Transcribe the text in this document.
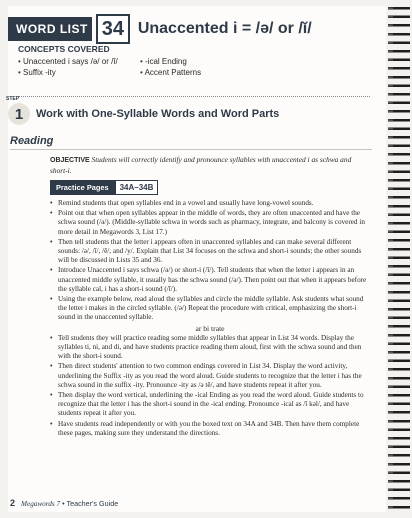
WORD LIST 34 Unaccented i = /ə/ or /ĭ/
CONCEPTS COVERED
• Unaccented i says /ə/ or /ĭ/	• -ical Ending
• Suffix -ity	• Accent Patterns
STEP
1 Work with One-Syllable Words and Word Parts
Reading
OBJECTIVE Students will correctly identify and pronounce syllables with unaccented i as schwa and short-i.
Practice Pages	34A–34B
• Remind students that open syllables end in a vowel and usually have long-vowel sounds.
• Point out that when open syllables appear in the middle of words, they are often unaccented and have the schwa sound (/ə/). (Middle-syllable schwa in words such as pharmacy, integrate, and balcony is covered in more detail in Megawords 3, List 17.)
• Then tell students that the letter i appears often in unaccented syllables and can make several different sounds: /ə/, /ĭ/, /ē/, and /y/. Explain that List 34 focuses on the schwa and short-i sounds; the other sounds will be discussed in Lists 35 and 36.
• Introduce Unaccented i says schwa (/ə/) or short-i (/ĭ/). Tell students that when the letter i appears in an unaccented middle syllable, it usually has the schwa sound (/ə/). Then point out that when it appears before the syllable cal, i has a short-i sound (/ĭ/).
• Using the example below, read aloud the syllables and circle the middle syllable. Ask students what sound the letter i makes in the circled syllable. (/ə/) Repeat the procedure with critical, emphasizing the short-i sound in the unaccented syllable.
ar bi trate
• Tell students they will practice reading some middle syllables that appear in List 34 words. Display the syllables ti, ni, and di, and have students practice reading them aloud, first with the schwa sound and then with the short-i sound.
• Then direct students' attention to two common endings covered in List 34. Display the word activity, underlining the Suffix -ity as you read the word aloud. Guide students to recognize that the letter i has the schwa sound in the suffix -ity. Pronounce -ity as /ə tē/, and have students repeat it after you.
• Then display the word vertical, underlining the -ical Ending as you read the word aloud. Guide students to recognize that the letter i has the short-i sound in the -ical ending. Pronounce -ical as /ĭ kəl/, and have students repeat it after you.
• Have students read independently or with you the boxed text on 34A and 34B. Then have them complete these pages, making sure they understand the directions.
2 Megawords 7 • Teacher's Guide
